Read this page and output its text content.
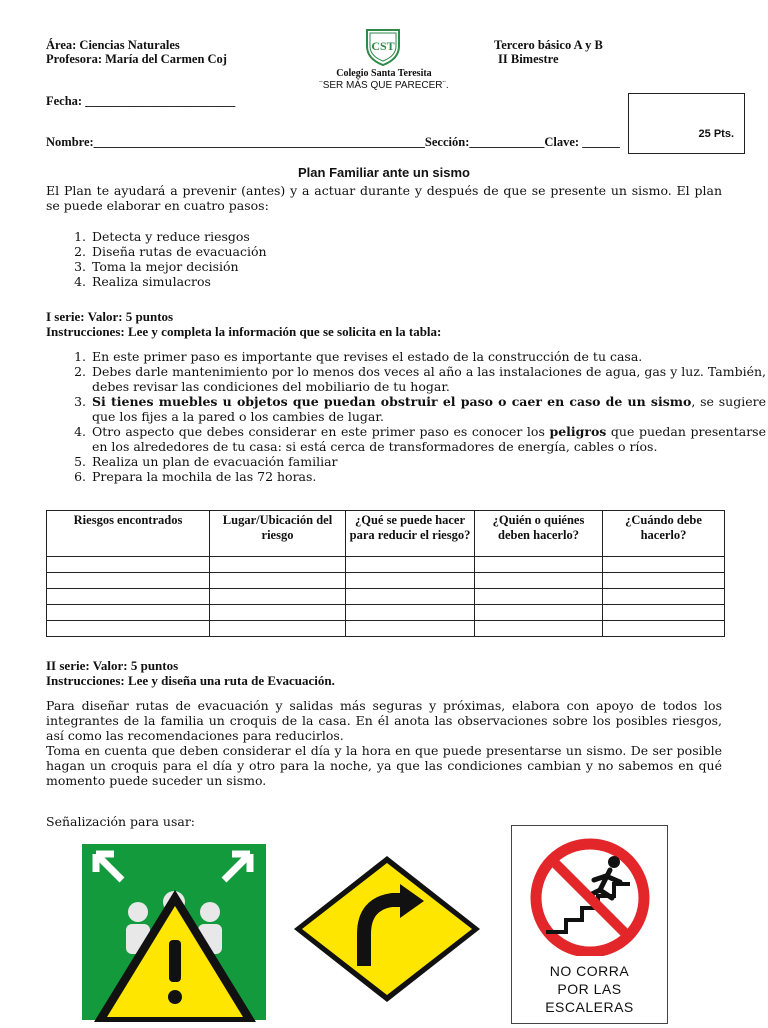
Área: Ciencias Naturales
Profesora: María del Carmen Coj
Tercero básico A y B
II Bimestre
CST
Colegio Santa Teresita
¨SER MÁS QUE PARECER¨.
Fecha: ________________________
Nombre:_____________________________________________________Sección:____________Clave: ______
25 Pts.
Plan Familiar ante un sismo
El Plan te ayudará a prevenir (antes) y a actuar durante y después de que se presente un sismo. El plan se puede elaborar en cuatro pasos:
1. Detecta y reduce riesgos
2. Diseña rutas de evacuación
3. Toma la mejor decisión
4. Realiza simulacros
I serie: Valor: 5 puntos
Instrucciones: Lee y completa la información que se solicita en la tabla:
1. En este primer paso es importante que revises el estado de la construcción de tu casa.
2. Debes darle mantenimiento por lo menos dos veces al año a las instalaciones de agua, gas y luz. También, debes revisar las condiciones del mobiliario de tu hogar.
3. Si tienes muebles u objetos que puedan obstruir el paso o caer en caso de un sismo, se sugiere que los fijes a la pared o los cambies de lugar.
4. Otro aspecto que debes considerar en este primer paso es conocer los peligros que puedan presentarse en los alrededores de tu casa: si está cerca de transformadores de energía, cables o ríos.
5. Realiza un plan de evacuación familiar
6. Prepara la mochila de las 72 horas.
Riesgos encontrados	Lugar/Ubicación del riesgo	¿Qué se puede hacer para reducir el riesgo?	¿Quién o quiénes deben hacerlo?	¿Cuándo debe hacerlo?

II serie: Valor: 5 puntos
Instrucciones: Lee y diseña una ruta de Evacuación.
Para diseñar rutas de evacuación y salidas más seguras y próximas, elabora con apoyo de todos los integrantes de la familia un croquis de la casa. En él anota las observaciones sobre los posibles riesgos, así como las recomendaciones para reducirlos.
Toma en cuenta que deben considerar el día y la hora en que puede presentarse un sismo. De ser posible hagan un croquis para el día y otro para la noche, ya que las condiciones cambian y no sabemos en qué momento puede suceder un sismo.
Señalización para usar:
NO CORRA
POR LAS
ESCALERAS
